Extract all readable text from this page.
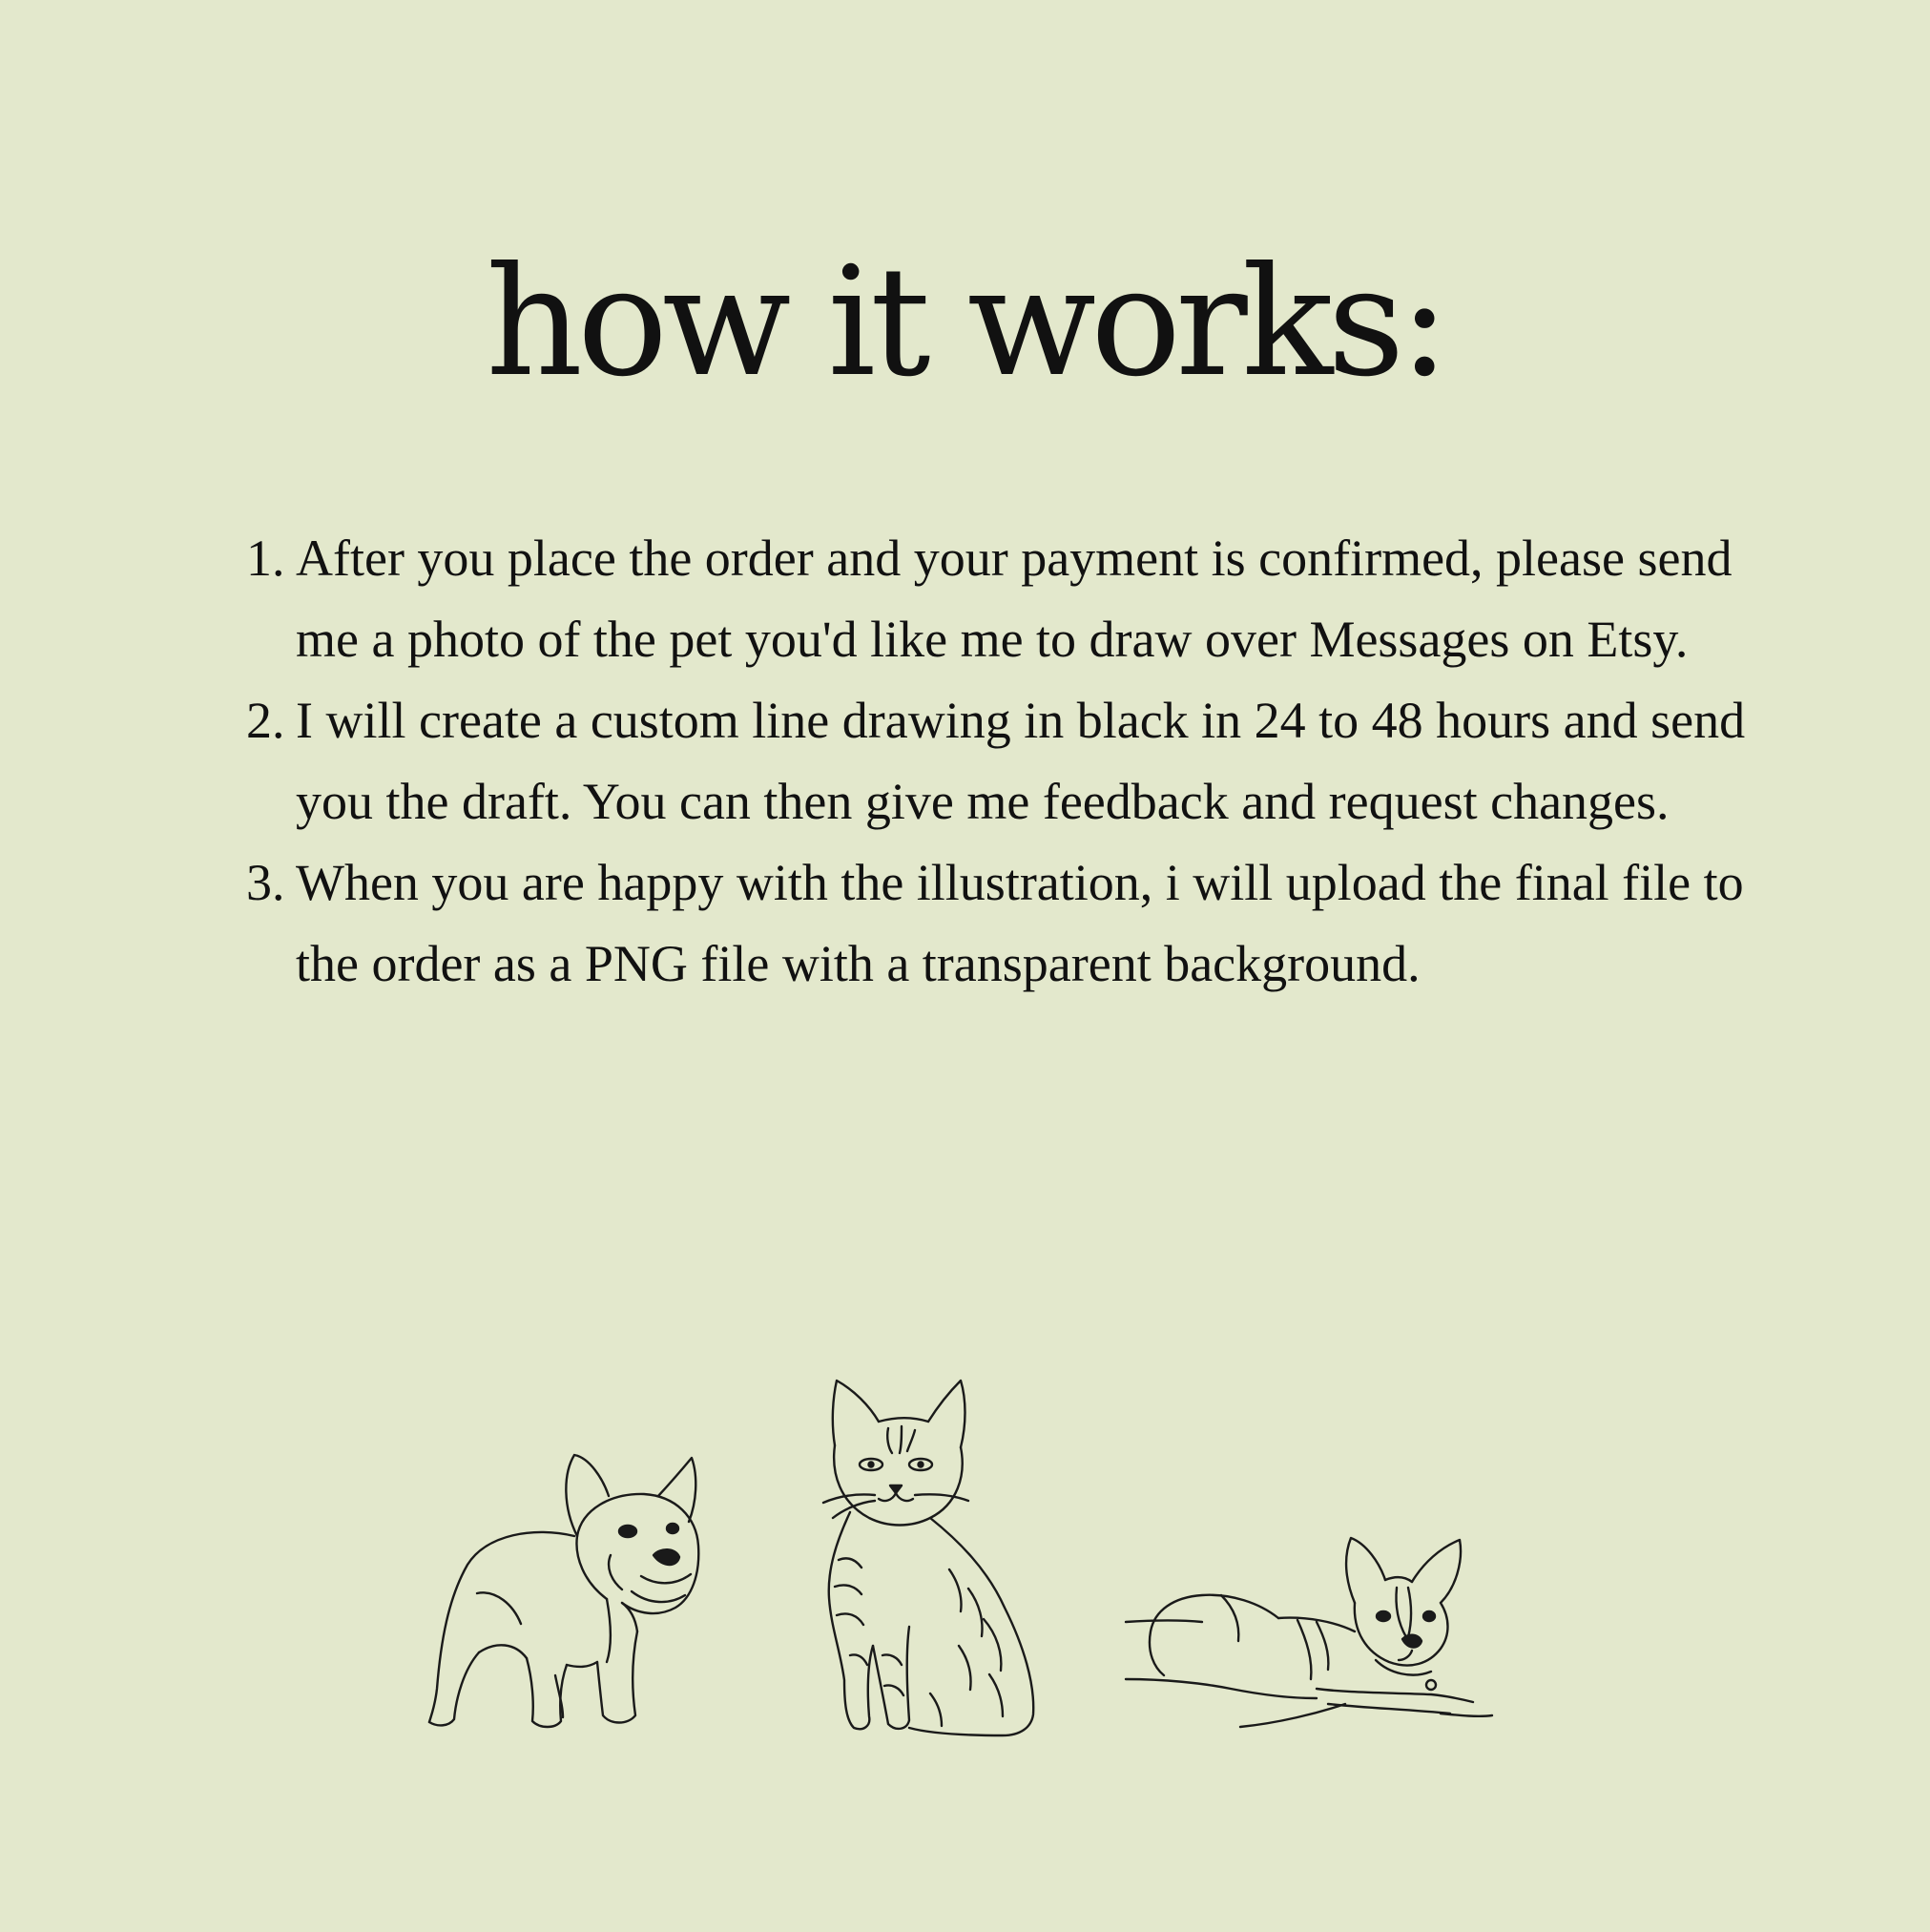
how it works:
1. After you place the order and your payment is confirmed, please send me a photo of the pet you'd like me to draw over Messages on Etsy.
2. I will create a custom line drawing in black in 24 to 48 hours and send you the draft. You can then give me feedback and request changes.
3. When you are happy with the illustration, i will upload the final file to the order as a PNG file with a transparent background.
